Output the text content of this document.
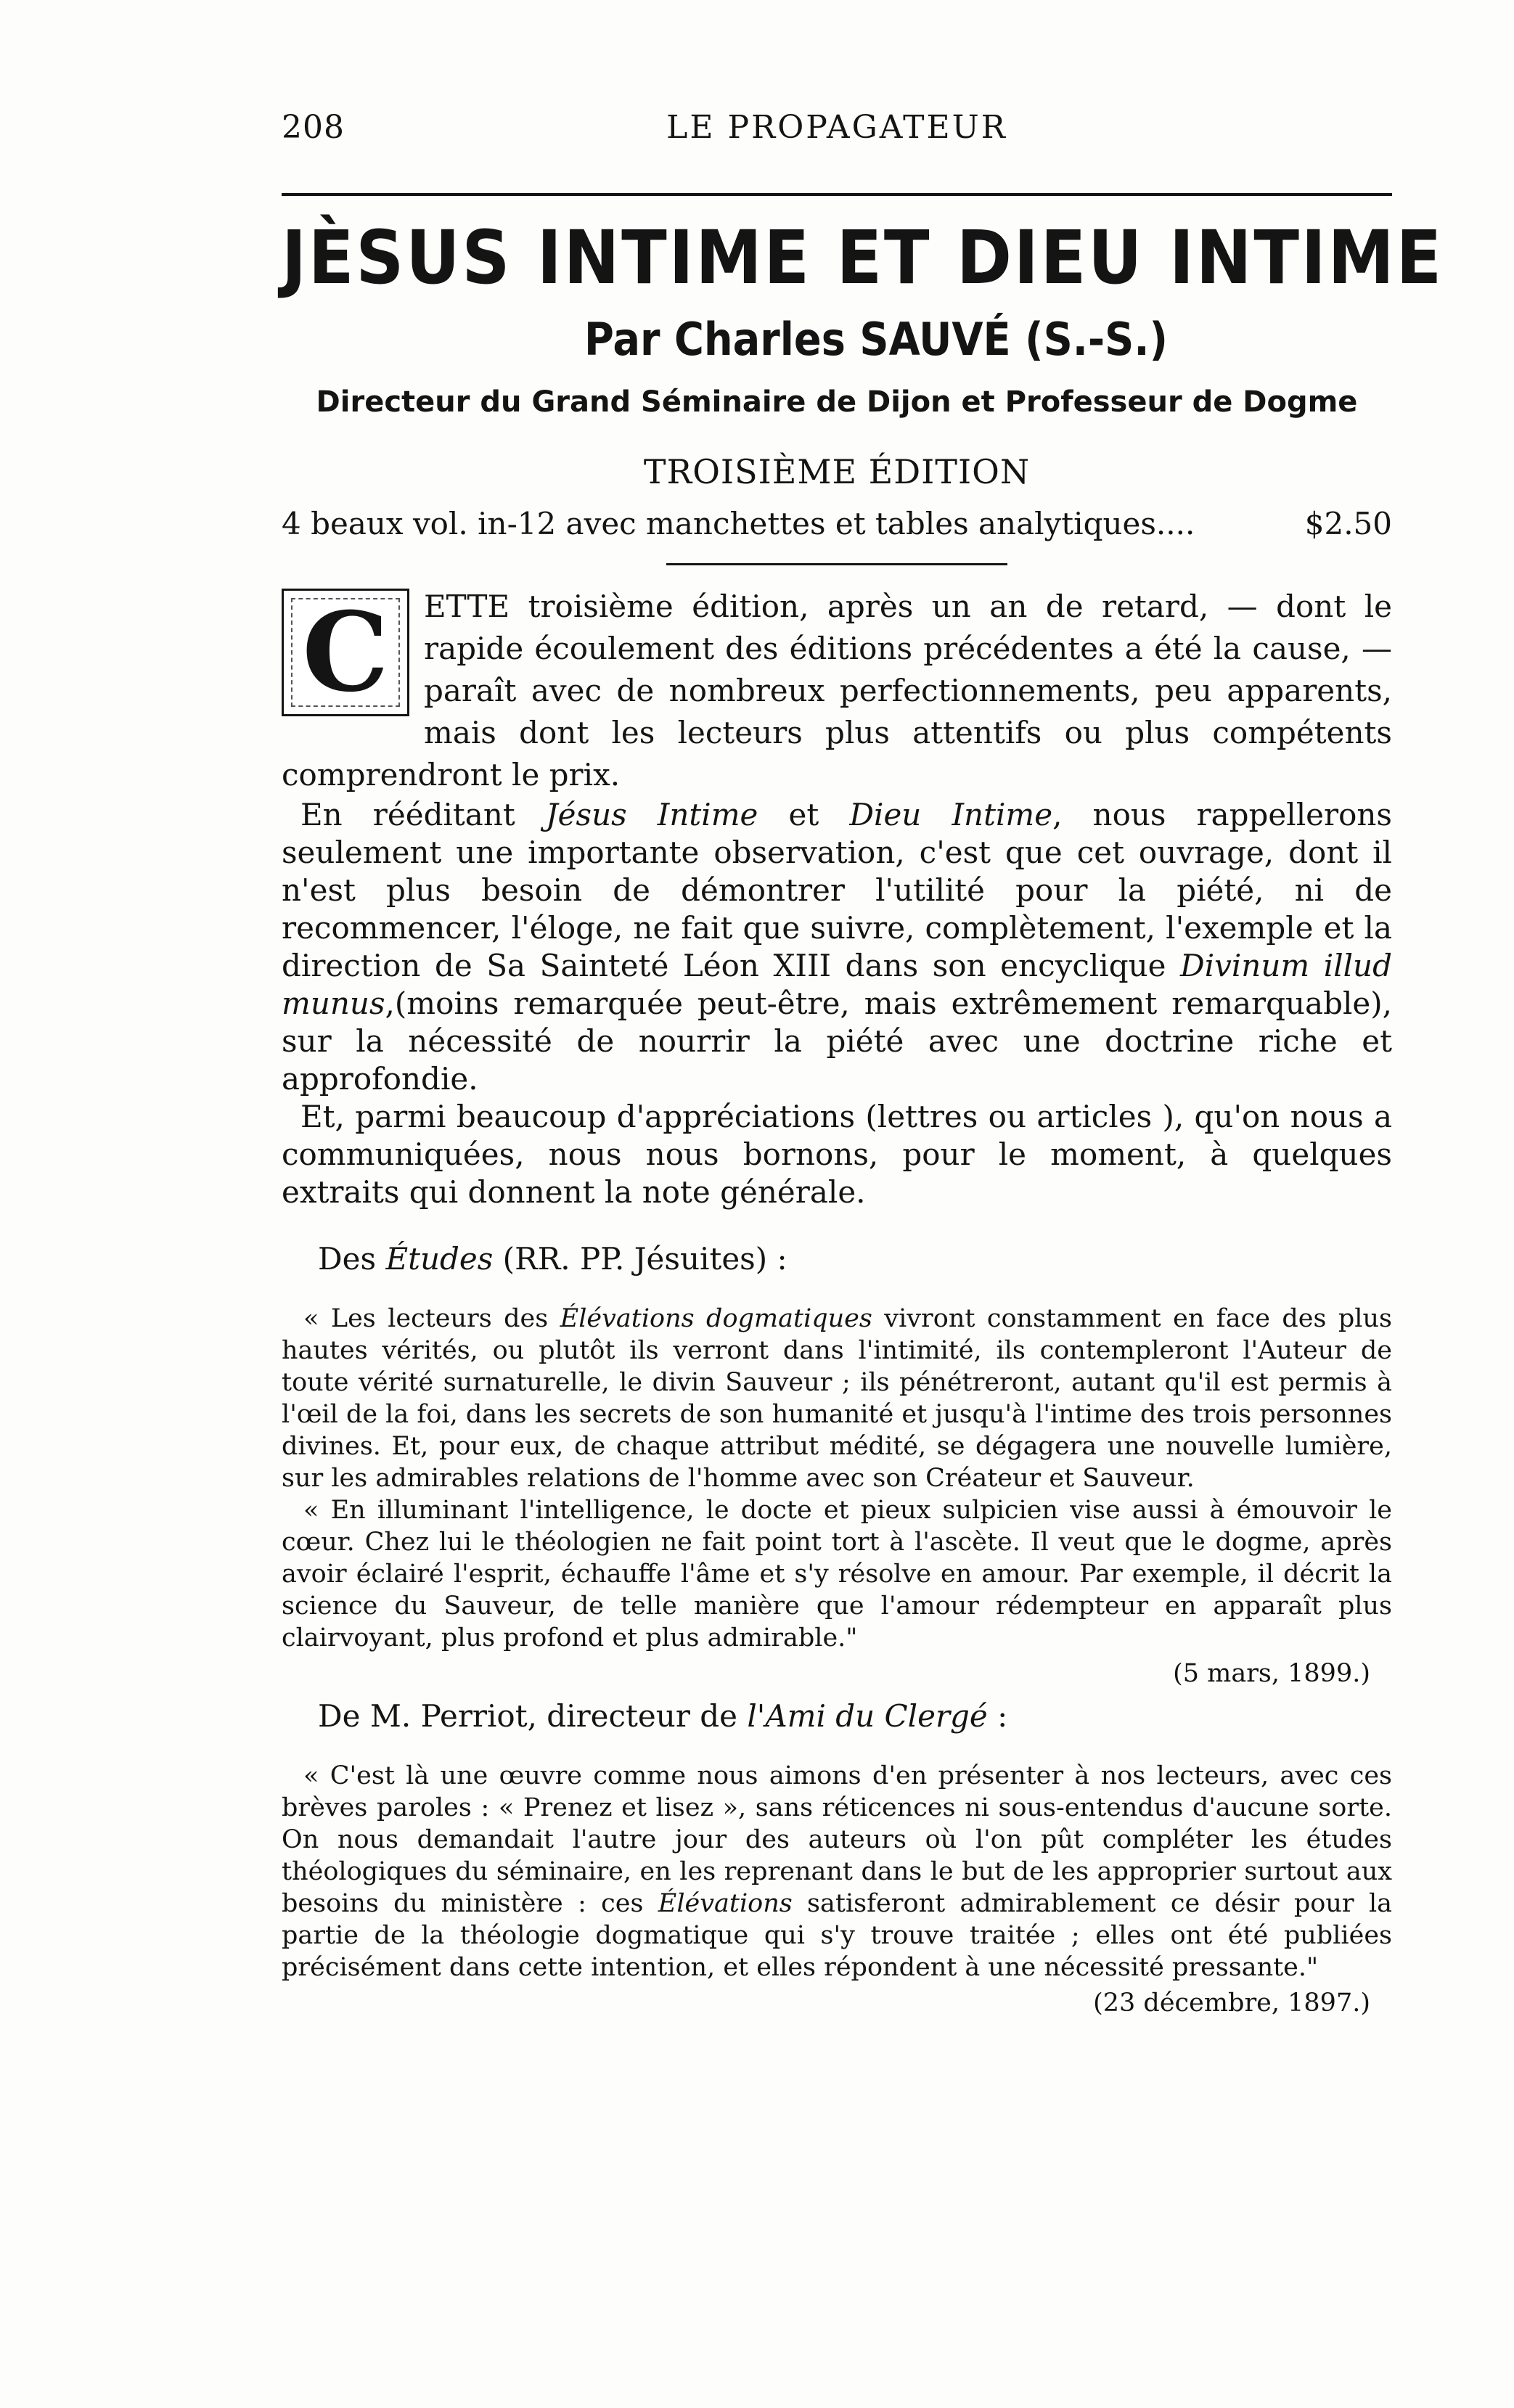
208	LE PROPAGATEUR
JÈSUS INTIME ET DIEU INTIME
Par Charles SAUVÉ (S.-S.)
Directeur du Grand Séminaire de Dijon et Professeur de Dogme
TROISIÈME ÉDITION
4 beaux vol. in-12 avec manchettes et tables analytiques....	$2.50
C ETTE troisième édition, après un an de retard, — dont le rapide écoulement des éditions précédentes a été la cause, — paraît avec de nombreux perfectionnements, peu apparents, mais dont les lecteurs plus attentifs ou plus compétents comprendront le prix.

En rééditant Jésus Intime et Dieu Intime, nous rappellerons seulement une importante observation, c'est que cet ouvrage, dont il n'est plus besoin de démontrer l'utilité pour la piété, ni de recommencer, l'éloge, ne fait que suivre, complètement, l'exemple et la direction de Sa Sainteté Léon XIII dans son encyclique Divinum illud munus,(moins remarquée peut-être, mais extrêmement remarquable), sur la nécessité de nourrir la piété avec une doctrine riche et approfondie.

Et, parmi beaucoup d'appréciations (lettres ou articles ), qu'on nous a communiquées, nous nous bornons, pour le moment, à quelques extraits qui donnent la note générale.

Des Études (RR. PP. Jésuites) :

« Les lecteurs des Élévations dogmatiques vivront constamment en face des plus hautes vérités, ou plutôt ils verront dans l'intimité, ils contempleront l'Auteur de toute vérité surnaturelle, le divin Sauveur ; ils pénétreront, autant qu'il est permis à l'œil de la foi, dans les secrets de son humanité et jusqu'à l'intime des trois personnes divines. Et, pour eux, de chaque attribut médité, se dégagera une nouvelle lumière, sur les admirables relations de l'homme avec son Créateur et Sauveur.

« En illuminant l'intelligence, le docte et pieux sulpicien vise aussi à émouvoir le cœur. Chez lui le théologien ne fait point tort à l'ascète. Il veut que le dogme, après avoir éclairé l'esprit, échauffe l'âme et s'y résolve en amour. Par exemple, il décrit la science du Sauveur, de telle manière que l'amour rédempteur en apparaît plus clairvoyant, plus profond et plus admirable."

(5 mars, 1899.)
De M. Perriot, directeur de l'Ami du Clergé :

« C'est là une œuvre comme nous aimons d'en présenter à nos lecteurs, avec ces brèves paroles : « Prenez et lisez », sans réticences ni sous-entendus d'aucune sorte. On nous demandait l'autre jour des auteurs où l'on pût compléter les études théologiques du séminaire, en les reprenant dans le but de les approprier surtout aux besoins du ministère : ces Élévations satisferont admirablement ce désir pour la partie de la théologie dogmatique qui s'y trouve traitée ; elles ont été publiées précisément dans cette intention, et elles répondent à une nécessité pressante."

(23 décembre, 1897.)
